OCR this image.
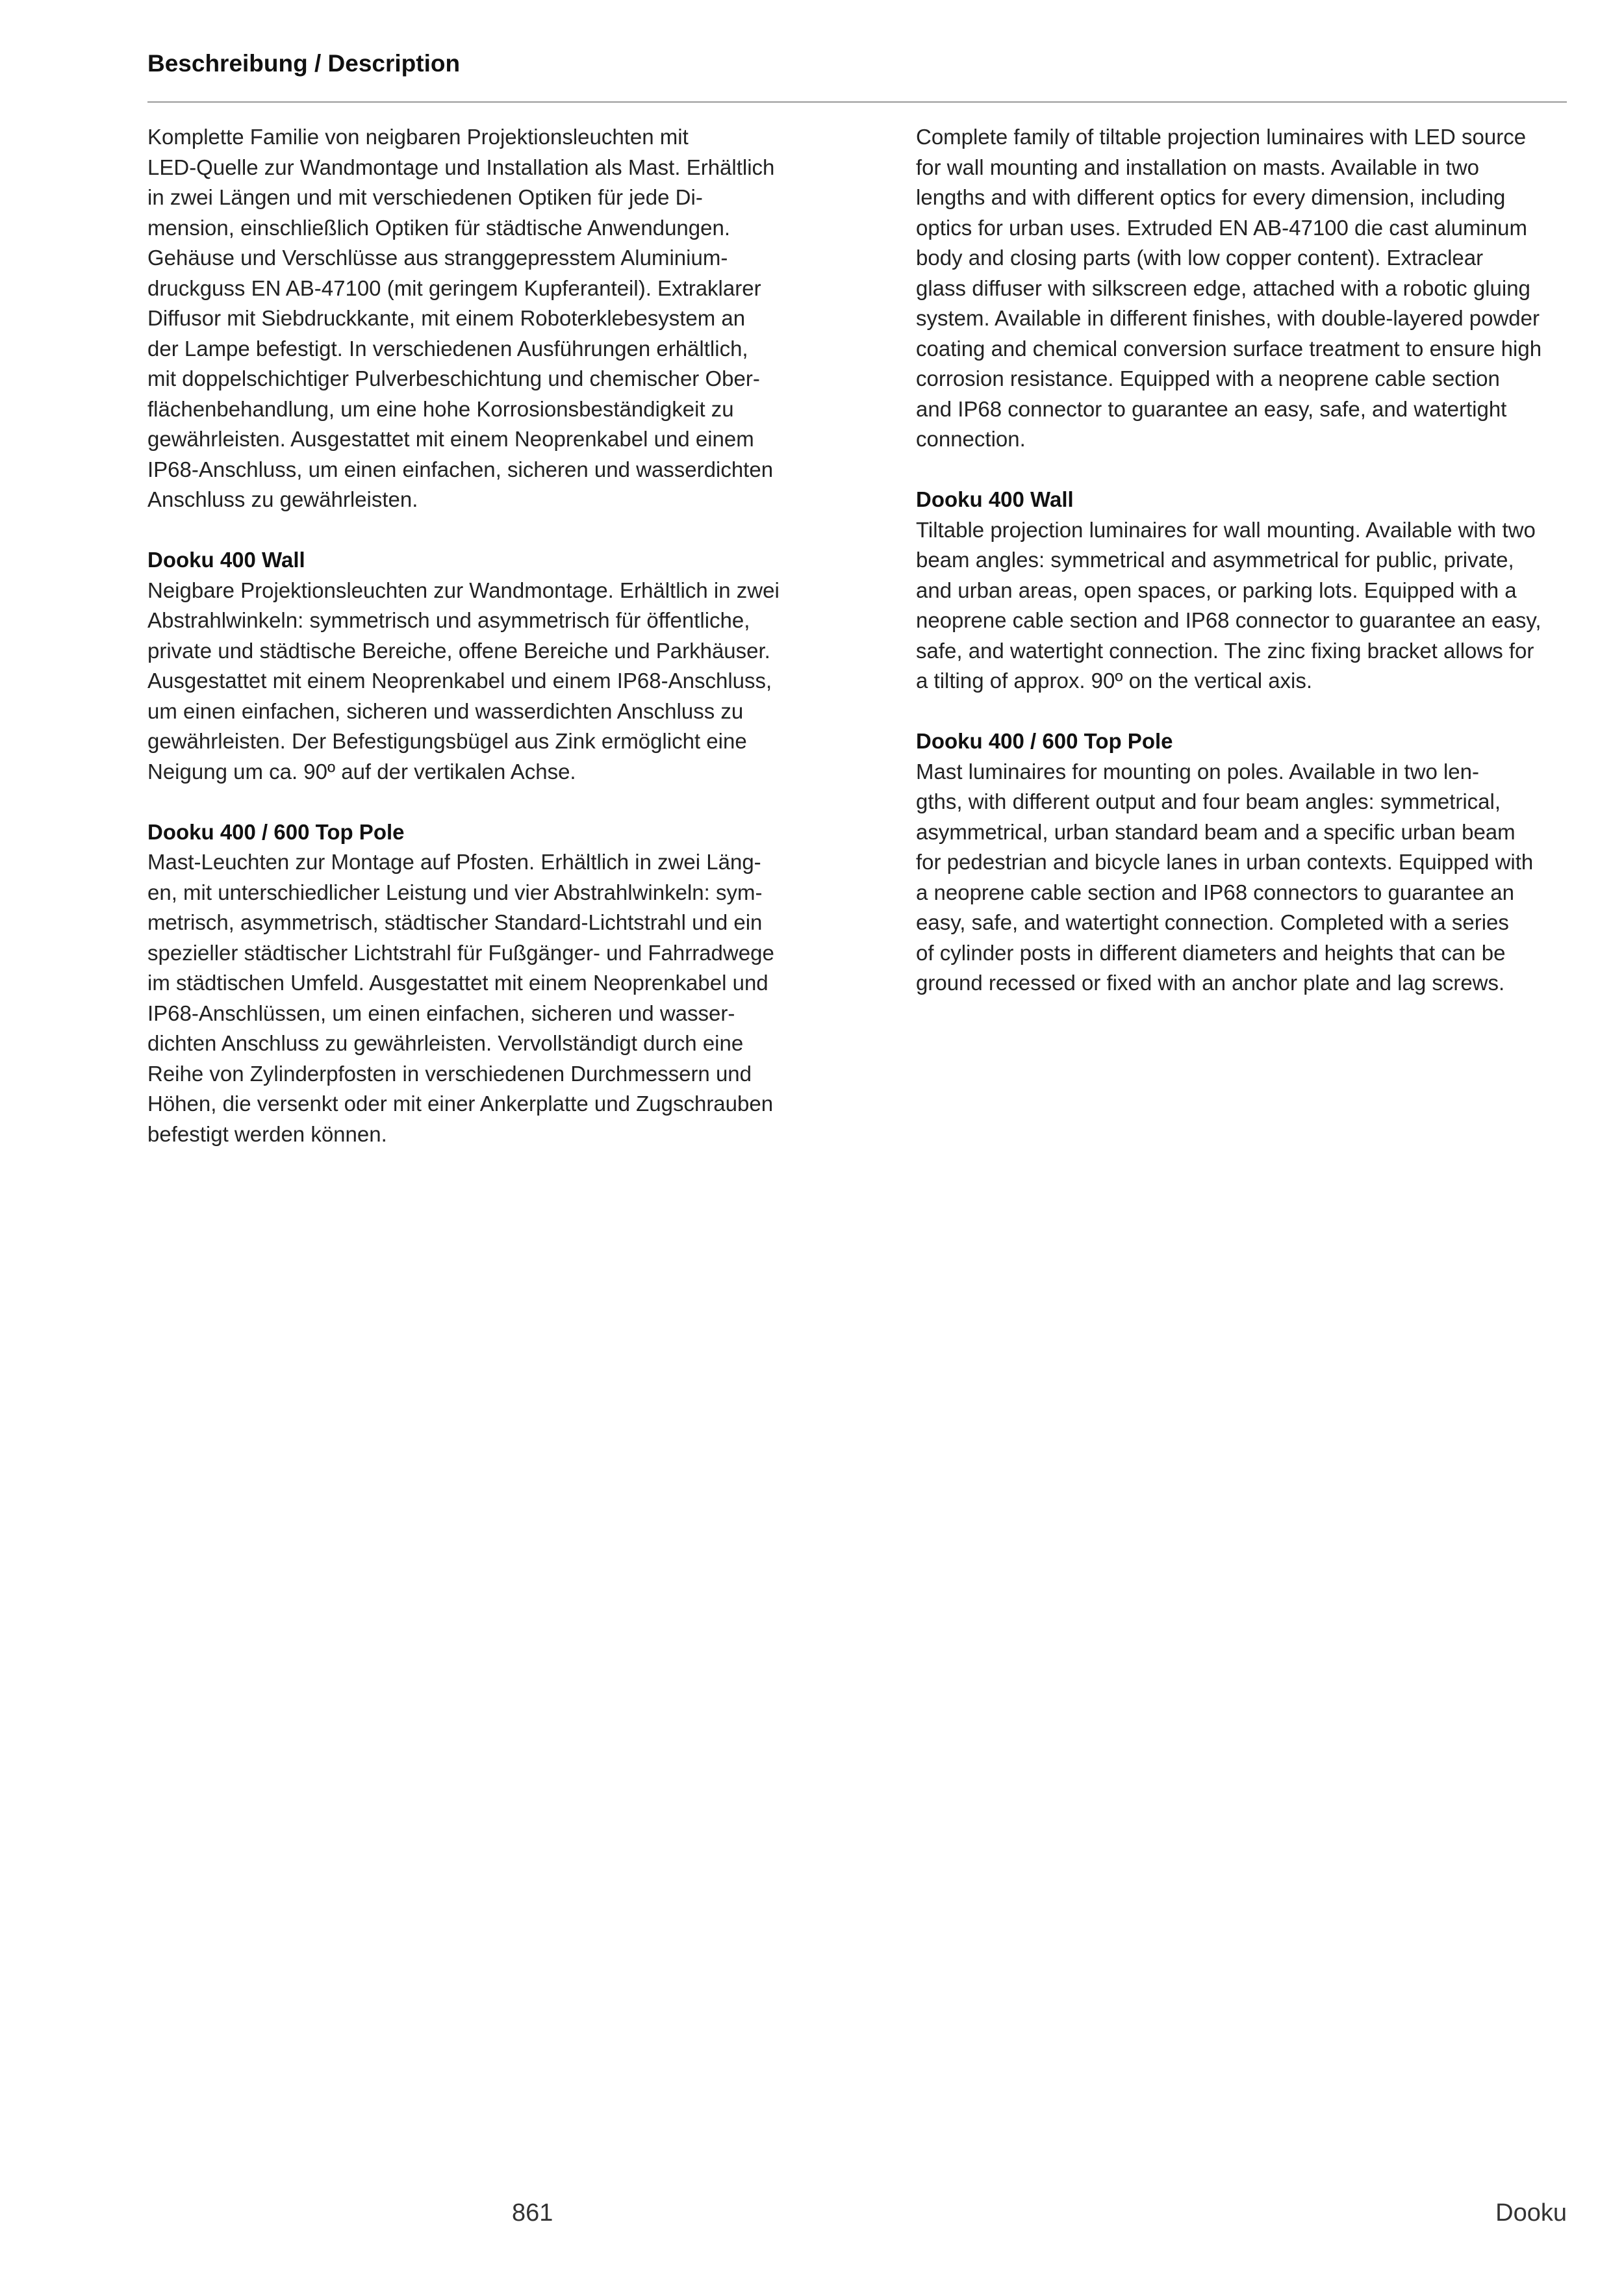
Beschreibung / Description
Komplette Familie von neigbaren Projektionsleuchten mit
LED-Quelle zur Wandmontage und Installation als Mast. Erhältlich
in zwei Längen und mit verschiedenen Optiken für jede Di-
mension, einschließlich Optiken für städtische Anwendungen.
Gehäuse und Verschlüsse aus stranggepresstem Aluminium-
druckguss EN AB-47100 (mit geringem Kupferanteil). Extraklarer
Diffusor mit Siebdruckkante, mit einem Roboterklebesystem an
der Lampe befestigt. In verschiedenen Ausführungen erhältlich,
mit doppelschichtiger Pulverbeschichtung und chemischer Ober-
flächenbehandlung, um eine hohe Korrosionsbeständigkeit zu
gewährleisten. Ausgestattet mit einem Neoprenkabel und einem
IP68-Anschluss, um einen einfachen, sicheren und wasserdichten
Anschluss zu gewährleisten.
Dooku 400 Wall
Neigbare Projektionsleuchten zur Wandmontage. Erhältlich in zwei
Abstrahlwinkeln: symmetrisch und asymmetrisch für öffentliche,
private und städtische Bereiche, offene Bereiche und Parkhäuser.
Ausgestattet mit einem Neoprenkabel und einem IP68-Anschluss,
um einen einfachen, sicheren und wasserdichten Anschluss zu
gewährleisten. Der Befestigungsbügel aus Zink ermöglicht eine
Neigung um ca. 90º auf der vertikalen Achse.
Dooku 400 / 600 Top Pole
Mast-Leuchten zur Montage auf Pfosten. Erhältlich in zwei Läng-
en, mit unterschiedlicher Leistung und vier Abstrahlwinkeln: sym-
metrisch, asymmetrisch, städtischer Standard-Lichtstrahl und ein
spezieller städtischer Lichtstrahl für Fußgänger- und Fahrradwege
im städtischen Umfeld. Ausgestattet mit einem Neoprenkabel und
IP68-Anschlüssen, um einen einfachen, sicheren und wasser-
dichten Anschluss zu gewährleisten. Vervollständigt durch eine
Reihe von Zylinderpfosten in verschiedenen Durchmessern und
Höhen, die versenkt oder mit einer Ankerplatte und Zugschrauben
befestigt werden können.
Complete family of tiltable projection luminaires with LED source
for wall mounting and installation on masts. Available in two
lengths and with different optics for every dimension, including
optics for urban uses. Extruded EN AB-47100 die cast aluminum
body and closing parts (with low copper content). Extraclear
glass diffuser with silkscreen edge, attached with a robotic gluing
system. Available in different finishes, with double-layered powder
coating and chemical conversion surface treatment to ensure high
corrosion resistance. Equipped with a neoprene cable section
and IP68 connector to guarantee an easy, safe, and watertight
connection.
Dooku 400 Wall
Tiltable projection luminaires for wall mounting. Available with two
beam angles: symmetrical and asymmetrical for public, private,
and urban areas, open spaces, or parking lots. Equipped with a
neoprene cable section and IP68 connector to guarantee an easy,
safe, and watertight connection. The zinc fixing bracket allows for
a tilting of approx. 90º on the vertical axis.
Dooku 400 / 600 Top Pole
Mast luminaires for mounting on poles. Available in two len-
gths, with different output and four beam angles: symmetrical,
asymmetrical, urban standard beam and a specific urban beam
for pedestrian and bicycle lanes in urban contexts. Equipped with
a neoprene cable section and IP68 connectors to guarantee an
easy, safe, and watertight connection. Completed with a series
of cylinder posts in different diameters and heights that can be
ground recessed or fixed with an anchor plate and lag screws.
861	Dooku
